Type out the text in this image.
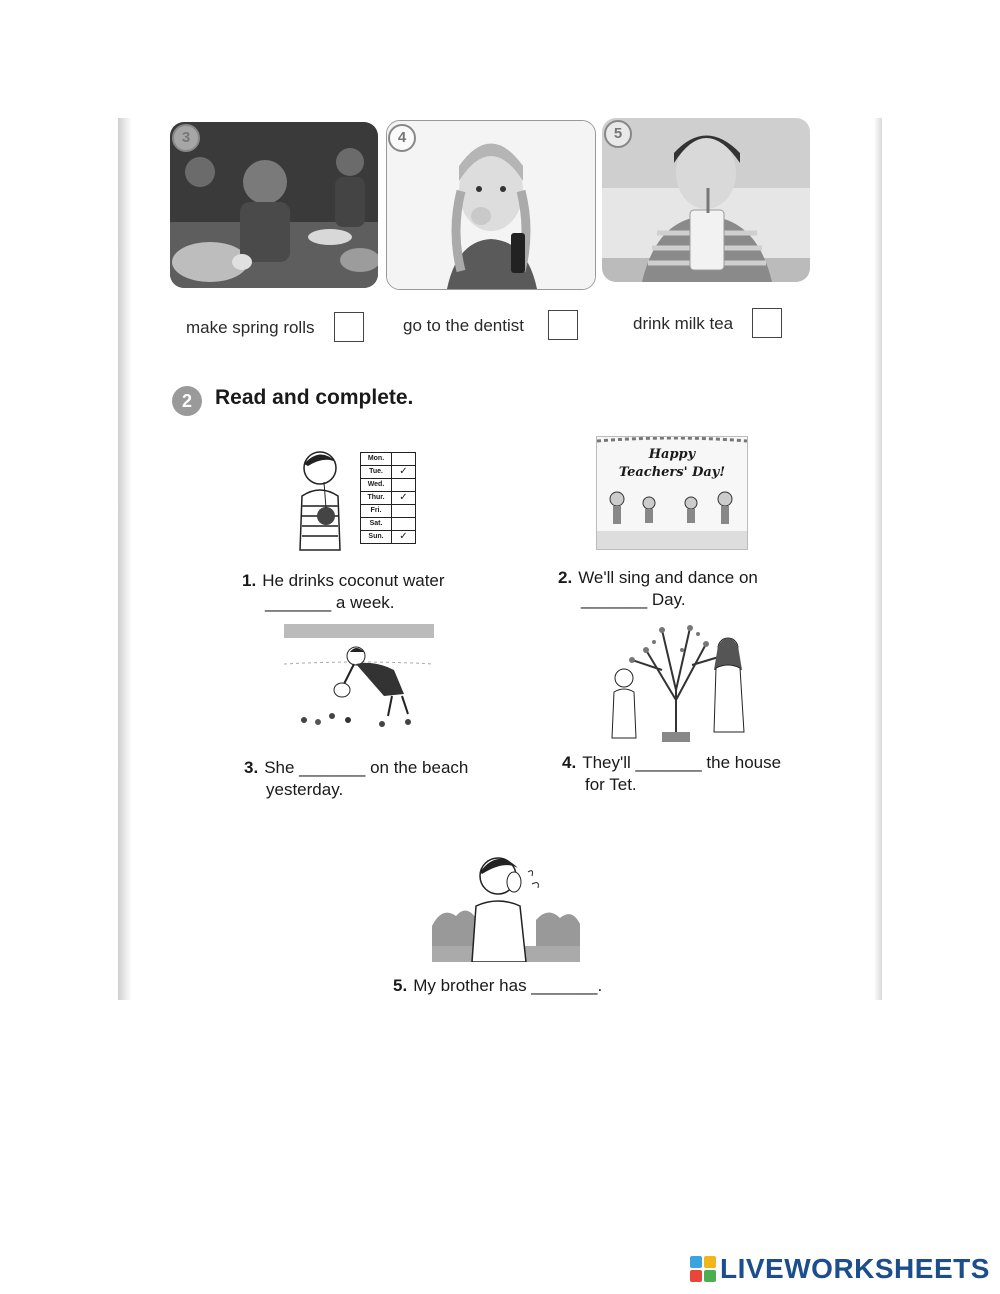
3	4	5
make spring rolls	go to the dentist	drink milk tea
2	Read and complete.
Mon.
Tue.	✓
Wed.
Thur.	✓
Fri.
Sat.
Sun.	✓
Happy
Teachers' Day!
1. He drinks coconut water
_______ a week.
2. We'll sing and dance on
_______ Day.
3. She _______ on the beach
yesterday.
4. They'll _______ the house
for Tet.
5. My brother has _______.
LIVEWORKSHEETS
